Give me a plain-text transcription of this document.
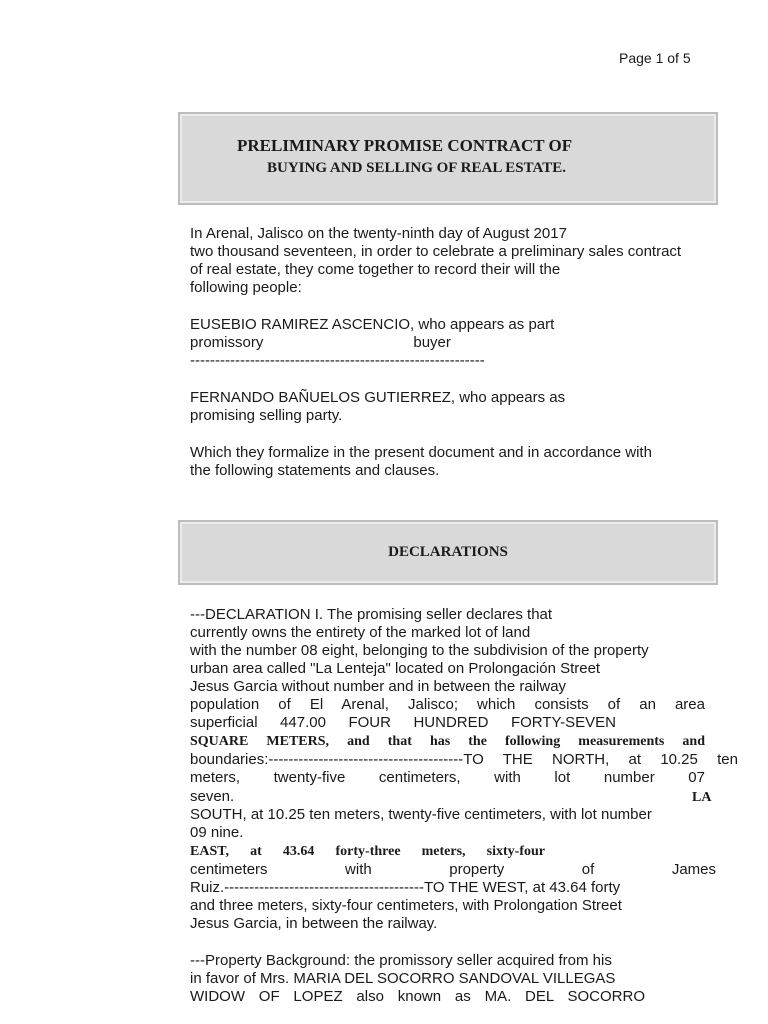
Page 1 of 5
PRELIMINARY PROMISE CONTRACT OF
BUYING AND SELLING OF REAL ESTATE.
In Arenal, Jalisco on the twenty-ninth day of August 2017
two thousand seventeen, in order to celebrate a preliminary sales contract
of real estate, they come together to record their will the
following people:
EUSEBIO RAMIREZ ASCENCIO, who appears as part
promissory                                    buyer
-----------------------------------------------------------
FERNANDO BAÑUELOS GUTIERREZ, who appears as
promising selling party.
Which they formalize in the present document and in accordance with
the following statements and clauses.
DECLARATIONS
---DECLARATION I. The promising seller declares that
currently owns the entirety of the marked lot of land
with the number 08 eight, belonging to the subdivision of the property
urban area called "La Lenteja" located on Prolongación Street
Jesus Garcia without number and in between the railway
population of El Arenal, Jalisco; which consists of an area
superficial 447.00 FOUR HUNDRED FORTY-SEVEN
SQUARE METERS, and that has the following measurements and
boundaries:---------------------------------------TO THE NORTH, at 10.25 ten
meters, twenty-five centimeters, with lot number 07
seven.	LA
SOUTH, at 10.25 ten meters, twenty-five centimeters, with lot number
09 nine.
EAST, at 43.64 forty-three meters, sixty-four
centimeters with property of James
Ruiz.----------------------------------------TO THE WEST, at 43.64 forty
and three meters, sixty-four centimeters, with Prolongation Street
Jesus Garcia, in between the railway.
---Property Background: the promissory seller acquired from his
in favor of Mrs. MARIA DEL SOCORRO SANDOVAL VILLEGAS
WIDOW OF LOPEZ also known as MA. DEL SOCORRO
